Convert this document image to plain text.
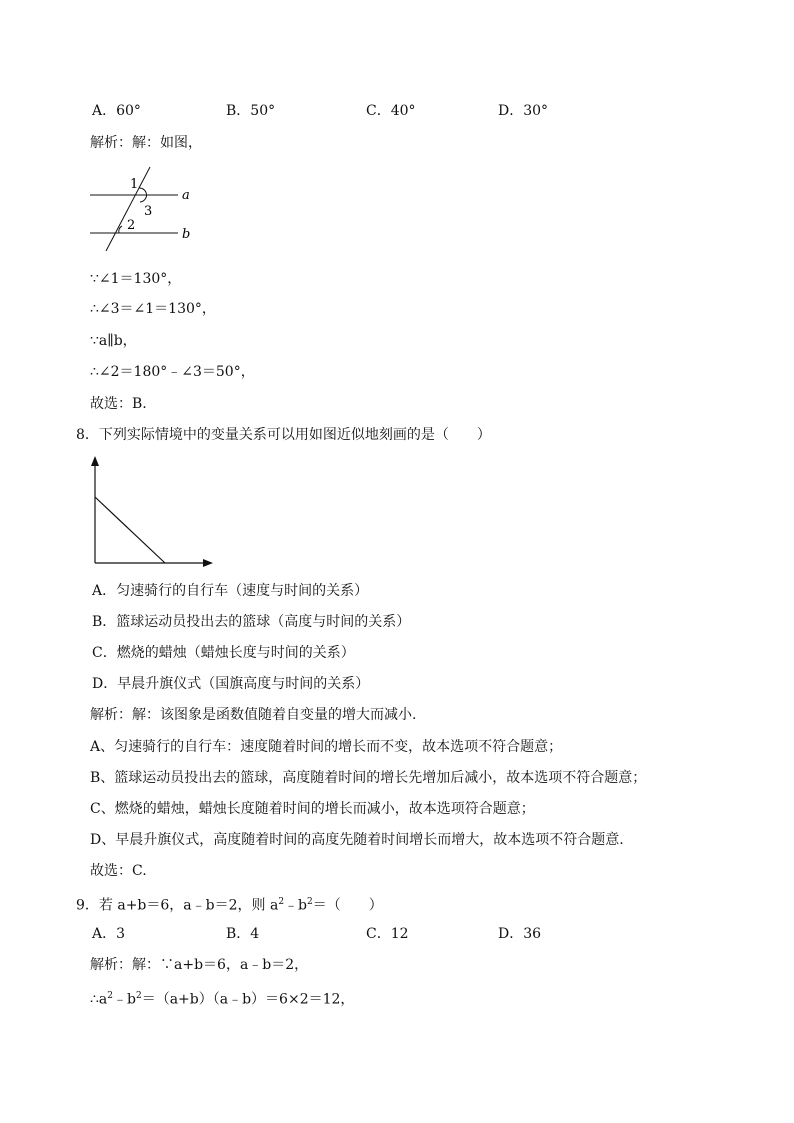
A．60°	B．50°	C．40°	D．30°
解析：解：如图，
1
3
2
a
b
∵∠1＝130°，
∴∠3＝∠1＝130°，
∵a∥b，
∴∠2＝180°﹣∠3＝50°，
故选：B.
8．下列实际情境中的变量关系可以用如图近似地刻画的是（　　）
A．匀速骑行的自行车（速度与时间的关系）
B．篮球运动员投出去的篮球（高度与时间的关系）
C．燃烧的蜡烛（蜡烛长度与时间的关系）
D．早晨升旗仪式（国旗高度与时间的关系）
解析：解：该图象是函数值随着自变量的增大而减小.
A、匀速骑行的自行车：速度随着时间的增长而不变，故本选项不符合题意；
B、篮球运动员投出去的篮球，高度随着时间的增长先增加后减小，故本选项不符合题意；
C、燃烧的蜡烛，蜡烛长度随着时间的增长而减小，故本选项符合题意；
D、早晨升旗仪式，高度随着时间的高度先随着时间增长而增大，故本选项不符合题意.
故选：C.
9．若 a+b＝6，a﹣b＝2，则 $a^2﹣b^2=$（　　）
A．3	B．4	C．12	D．36
解析：解：∵a+b＝6，a﹣b＝2，
$\therefore a^2﹣b^2=(a+b)(a﹣b)=6\times 2=12$，
